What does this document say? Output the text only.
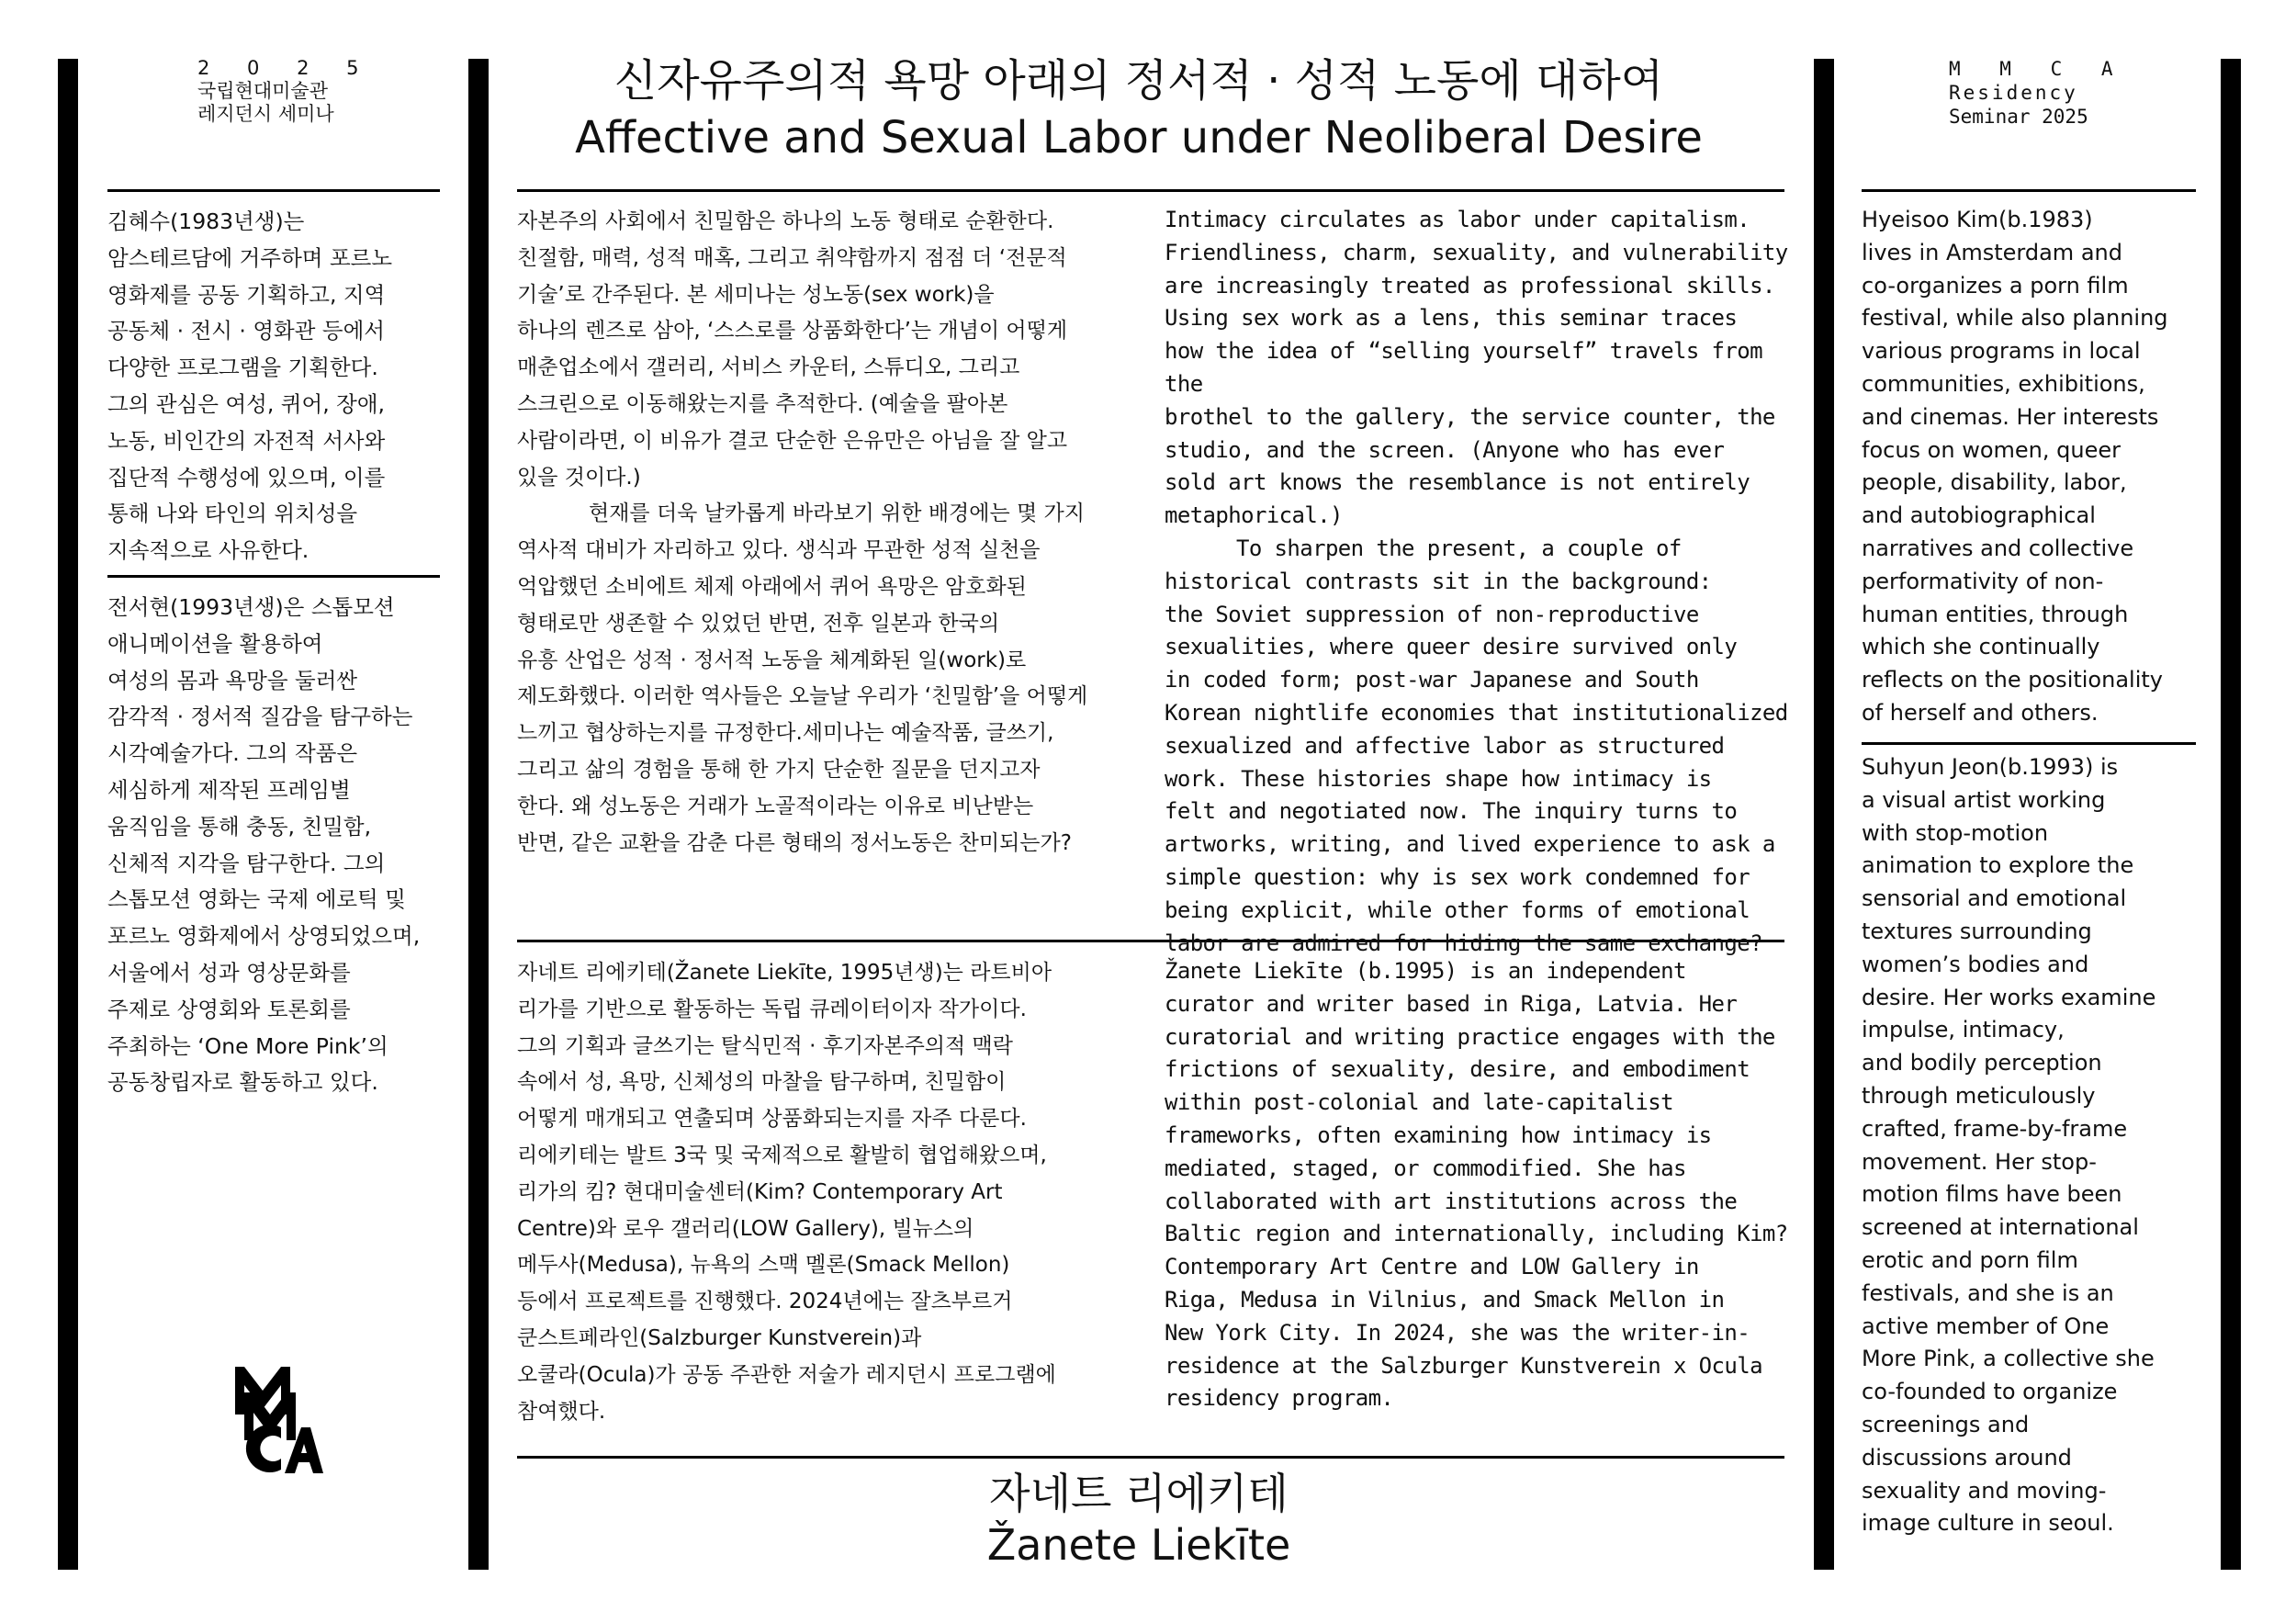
2 0 2 5
국립현대미술관
레지던시 세미나
M M C A
Residency
Seminar 2025
신자유주의적 욕망 아래의 정서적 · 성적 노동에 대하여
Affective and Sexual Labor under Neoliberal Desire
김혜수(1983년생)는
암스테르담에 거주하며 포르노
영화제를 공동 기획하고, 지역
공동체 · 전시 · 영화관 등에서
다양한 프로그램을 기획한다.
그의 관심은 여성, 퀴어, 장애,
노동, 비인간의 자전적 서사와
집단적 수행성에 있으며, 이를
통해 나와 타인의 위치성을
지속적으로 사유한다.
전서현(1993년생)은 스톱모션
애니메이션을 활용하여
여성의 몸과 욕망을 둘러싼
감각적 · 정서적 질감을 탐구하는
시각예술가다. 그의 작품은
세심하게 제작된 프레임별
움직임을 통해 충동, 친밀함,
신체적 지각을 탐구한다. 그의
스톱모션 영화는 국제 에로틱 및
포르노 영화제에서 상영되었으며,
서울에서 성과 영상문화를
주제로 상영회와 토론회를
주최하는 ‘One More Pink’의
공동창립자로 활동하고 있다.
자본주의 사회에서 친밀함은 하나의 노동 형태로 순환한다.
친절함, 매력, 성적 매혹, 그리고 취약함까지 점점 더 ‘전문적
기술’로 간주된다. 본 세미나는 성노동(sex work)을
하나의 렌즈로 삼아, ‘스스로를 상품화한다’는 개념이 어떻게
매춘업소에서 갤러리, 서비스 카운터, 스튜디오, 그리고
스크린으로 이동해왔는지를 추적한다. (예술을 팔아본
사람이라면, 이 비유가 결코 단순한 은유만은 아님을 잘 알고
있을 것이다.)
현재를 더욱 날카롭게 바라보기 위한 배경에는 몇 가지
역사적 대비가 자리하고 있다. 생식과 무관한 성적 실천을
억압했던 소비에트 체제 아래에서 퀴어 욕망은 암호화된
형태로만 생존할 수 있었던 반면, 전후 일본과 한국의
유흥 산업은 성적 · 정서적 노동을 체계화된 일(work)로
제도화했다. 이러한 역사들은 오늘날 우리가 ‘친밀함’을 어떻게
느끼고 협상하는지를 규정한다.세미나는 예술작품, 글쓰기,
그리고 삶의 경험을 통해 한 가지 단순한 질문을 던지고자
한다. 왜 성노동은 거래가 노골적이라는 이유로 비난받는
반면, 같은 교환을 감춘 다른 형태의 정서노동은 찬미되는가?
Intimacy circulates as labor under capitalism.
Friendliness, charm, sexuality, and vulnerability
are increasingly treated as professional skills.
Using sex work as a lens, this seminar traces
how the idea of “selling yourself” travels from the
brothel to the gallery, the service counter, the
studio, and the screen. (Anyone who has ever
sold art knows the resemblance is not entirely
metaphorical.)
To sharpen the present, a couple of
historical contrasts sit in the background:
the Soviet suppression of non-reproductive
sexualities, where queer desire survived only
in coded form; post-war Japanese and South
Korean nightlife economies that institutionalized
sexualized and affective labor as structured
work. These histories shape how intimacy is
felt and negotiated now. The inquiry turns to
artworks, writing, and lived experience to ask a
simple question: why is sex work condemned for
being explicit, while other forms of emotional
labor are admired for hiding the same exchange?
자네트 리에키테(Žanete Liekīte, 1995년생)는 라트비아
리가를 기반으로 활동하는 독립 큐레이터이자 작가이다.
그의 기획과 글쓰기는 탈식민적 · 후기자본주의적 맥락
속에서 성, 욕망, 신체성의 마찰을 탐구하며, 친밀함이
어떻게 매개되고 연출되며 상품화되는지를 자주 다룬다.
리에키테는 발트 3국 및 국제적으로 활발히 협업해왔으며,
리가의 킴? 현대미술센터(Kim? Contemporary Art
Centre)와 로우 갤러리(LOW Gallery), 빌뉴스의
메두사(Medusa), 뉴욕의 스맥 멜론(Smack Mellon)
등에서 프로젝트를 진행했다. 2024년에는 잘츠부르거
쿤스트페라인(Salzburger Kunstverein)과
오쿨라(Ocula)가 공동 주관한 저술가 레지던시 프로그램에
참여했다.
Žanete Liekīte (b.1995) is an independent
curator and writer based in Riga, Latvia. Her
curatorial and writing practice engages with the
frictions of sexuality, desire, and embodiment
within post-colonial and late-capitalist
frameworks, often examining how intimacy is
mediated, staged, or commodified. She has
collaborated with art institutions across the
Baltic region and internationally, including Kim?
Contemporary Art Centre and LOW Gallery in
Riga, Medusa in Vilnius, and Smack Mellon in
New York City. In 2024, she was the writer-in-
residence at the Salzburger Kunstverein x Ocula
residency program.
자네트 리에키테
Žanete Liekīte
Hyeisoo Kim(b.1983)
lives in Amsterdam and
co-organizes a porn film
festival, while also planning
various programs in local
communities, exhibitions,
and cinemas. Her interests
focus on women, queer
people, disability, labor,
and autobiographical
narratives and collective
performativity of non-
human entities, through
which she continually
reflects on the positionality
of herself and others.
Suhyun Jeon(b.1993) is
a visual artist working
with stop-motion
animation to explore the
sensorial and emotional
textures surrounding
women’s bodies and
desire. Her works examine
impulse, intimacy,
and bodily perception
through meticulously
crafted, frame-by-frame
movement. Her stop-
motion films have been
screened at international
erotic and porn film
festivals, and she is an
active member of One
More Pink, a collective she
co-founded to organize
screenings and
discussions around
sexuality and moving-
image culture in seoul.
